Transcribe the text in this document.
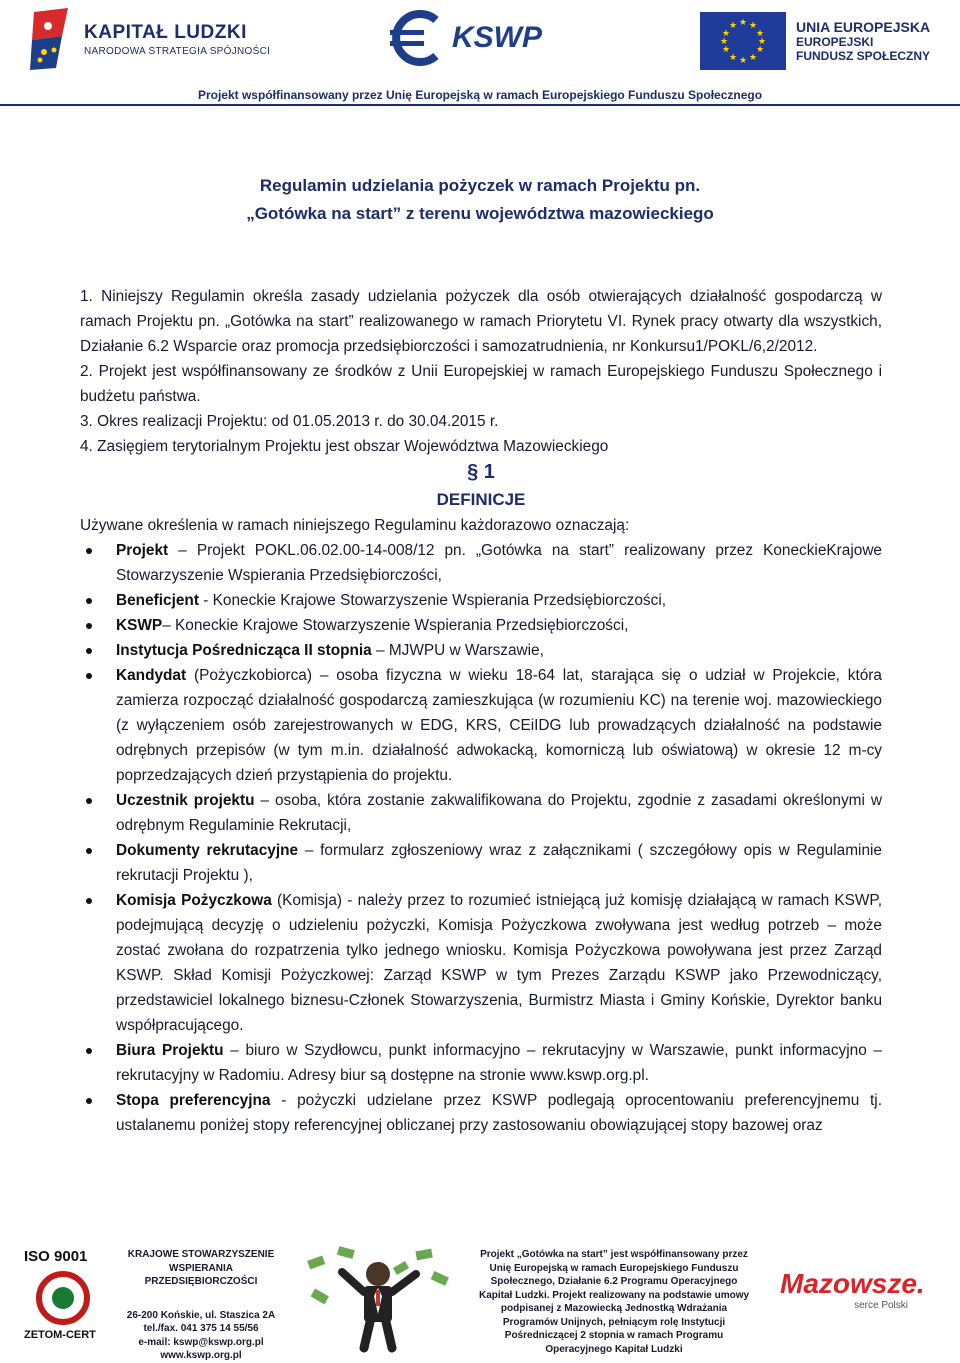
KAPITAŁ LUDZKI
NARODOWA STRATEGIA SPÓJNOŚCI	KSWP	★ ★
★
★
★
★
★
★
★
★
★
★	UNIA EUROPEJSKA
EUROPEJSKI
FUNDUSZ SPOŁECZNY
Projekt współfinansowany przez Unię Europejską w ramach Europejskiego Funduszu Społecznego
Regulamin udzielania pożyczek w ramach Projektu pn.
„Gotówka na start” z terenu województwa mazowieckiego
1. Niniejszy Regulamin określa zasady udzielania pożyczek dla osób otwierających działalność gospodarczą w ramach Projektu pn. „Gotówka na start” realizowanego w ramach Priorytetu VI. Rynek pracy otwarty dla wszystkich, Działanie 6.2 Wsparcie oraz promocja przedsiębiorczości i samozatrudnienia, nr Konkursu1/POKL/6,2/2012.
2. Projekt jest współfinansowany ze środków z Unii Europejskiej w ramach Europejskiego Funduszu Społecznego i budżetu państwa.
3. Okres realizacji Projektu: od 01.05.2013 r. do 30.04.2015 r.
4. Zasięgiem terytorialnym Projektu jest obszar Województwa Mazowieckiego
§ 1
DEFINICJE
Używane określenia w ramach niniejszego Regulaminu każdorazowo oznaczają:
Projekt – Projekt POKL.06.02.00-14-008/12 pn. „Gotówka na start” realizowany przez KoneckieKrajowe Stowarzyszenie Wspierania Przedsiębiorczości,
Beneficjent - Koneckie Krajowe Stowarzyszenie Wspierania Przedsiębiorczości,
KSWP– Koneckie Krajowe Stowarzyszenie Wspierania Przedsiębiorczości,
Instytucja Pośrednicząca II stopnia – MJWPU w Warszawie,
Kandydat (Pożyczkobiorca) – osoba fizyczna w wieku 18-64 lat, starająca się o udział w Projekcie, która zamierza rozpocząć działalność gospodarczą zamieszkująca (w rozumieniu KC) na terenie woj. mazowieckiego (z wyłączeniem osób zarejestrowanych w EDG, KRS, CEiIDG lub prowadzących działalność na podstawie odrębnych przepisów (w tym m.in. działalność adwokacką, komorniczą lub oświatową) w okresie 12 m-cy poprzedzających dzień przystąpienia do projektu.
Uczestnik projektu – osoba, która zostanie zakwalifikowana do Projektu, zgodnie z zasadami określonymi w odrębnym Regulaminie Rekrutacji,
Dokumenty rekrutacyjne – formularz zgłoszeniowy wraz z załącznikami ( szczegółowy opis w Regulaminie rekrutacji Projektu ),
Komisja Pożyczkowa (Komisja) - należy przez to rozumieć istniejącą już komisję działającą w ramach KSWP, podejmującą decyzję o udzieleniu pożyczki, Komisja Pożyczkowa zwoływana jest według potrzeb – może zostać zwołana do rozpatrzenia tylko jednego wniosku. Komisja Pożyczkowa powoływana jest przez Zarząd KSWP. Skład Komisji Pożyczkowej: Zarząd KSWP w tym Prezes Zarządu KSWP jako Przewodniczący, przedstawiciel lokalnego biznesu-Członek Stowarzyszenia, Burmistrz Miasta i Gminy Końskie, Dyrektor banku współpracującego.
Biura Projektu – biuro w Szydłowcu, punkt informacyjno – rekrutacyjny w Warszawie, punkt informacyjno – rekrutacyjny w Radomiu. Adresy biur są dostępne na stronie www.kswp.org.pl.
Stopa preferencyjna - pożyczki udzielane przez KSWP podlegają oprocentowaniu preferencyjnemu tj. ustalanemu poniżej stopy referencyjnej obliczanej przy zastosowaniu obowiązującej stopy bazowej oraz
ISO 9001
ZETOM-CERT
KRAJOWE STOWARZYSZENIE
WSPIERANIA
PRZEDSIĘBIORCZOŚCI
26-200 Końskie, ul. Staszica 2A
tel./fax. 041 375 14 55/56
e-mail: kswp@kswp.org.pl
www.kswp.org.pl
Projekt „Gotówka na start” jest współfinansowany przez
Unię Europejską w ramach Europejskiego Funduszu
Społecznego, Działanie 6.2 Programu Operacyjnego
Kapitał Ludzki. Projekt realizowany na podstawie umowy
podpisanej z Mazowiecką Jednostką Wdrażania
Programów Unijnych, pełniącym rolę Instytucji
Pośredniczącej 2 stopnia w ramach Programu
Operacyjnego Kapitał Ludzki
Mazowsze.
serce Polski
